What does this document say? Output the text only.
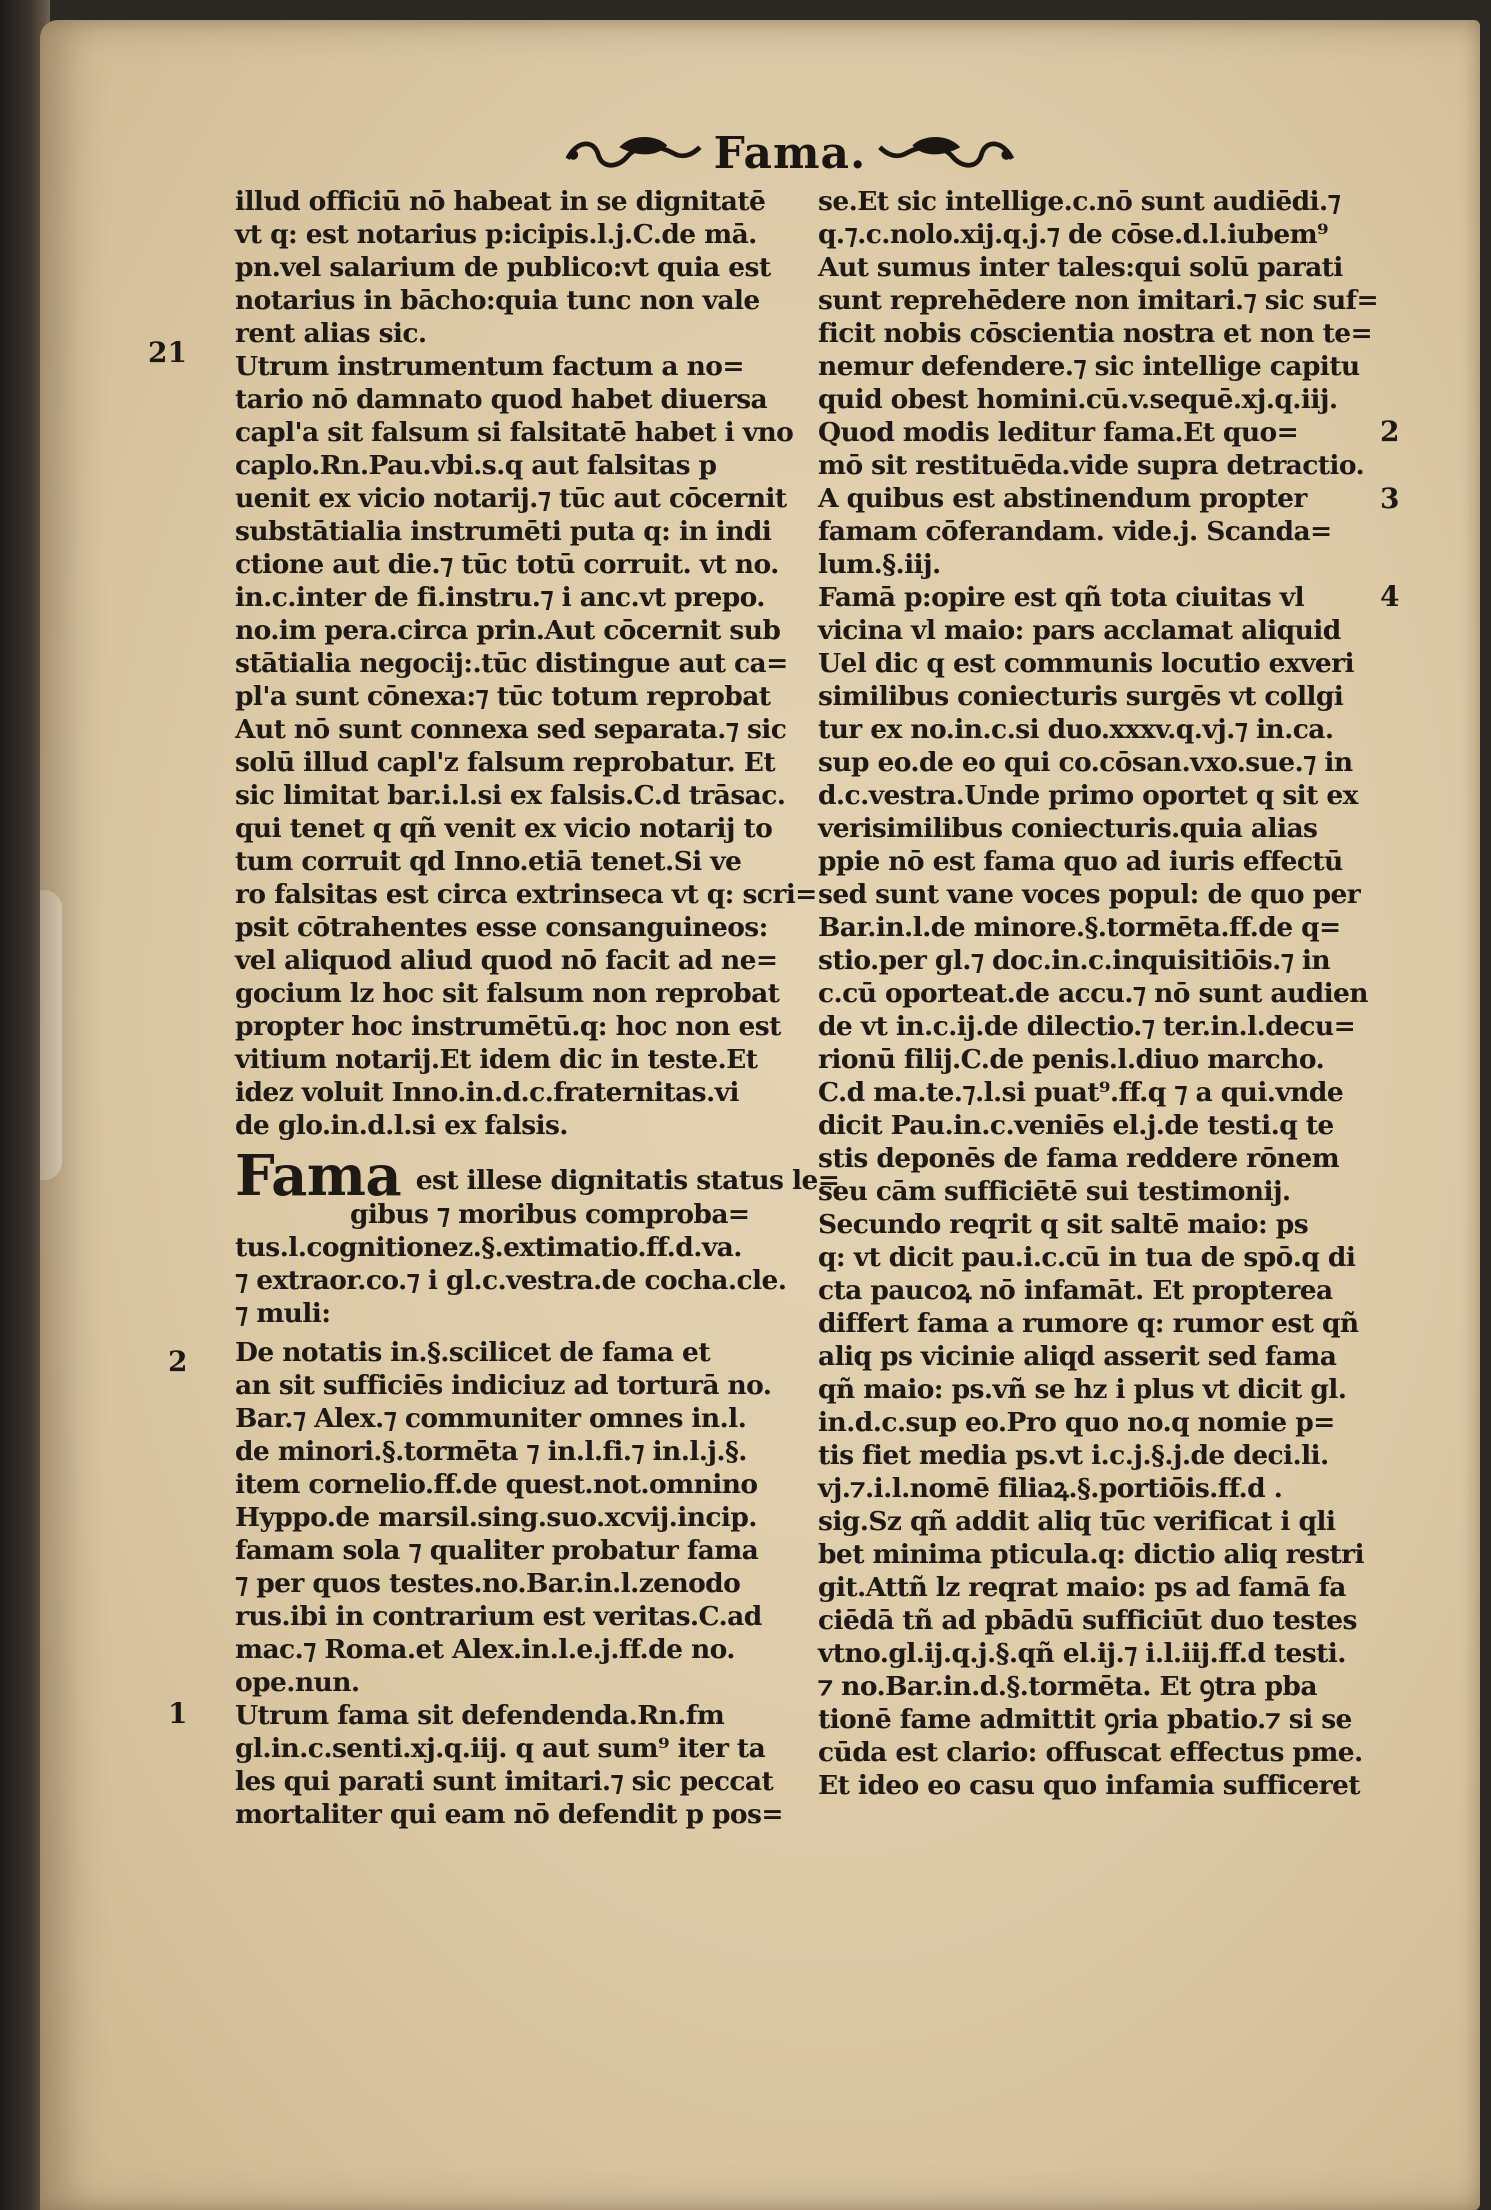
Fama.
21
2
1
2
3
4
illud officiū nō habeat in se dignitatē
vt q: est notarius p:icipis.l.j.C.de mā.
pn.vel salarium de publico:vt quia est
notarius in bācho:quia tunc non vale
rent alias sic.
Utrum instrumentum factum a no=
tario nō damnato quod habet diuersa
capl'a sit falsum si falsitatē habet i vno
caplo.Rn.Pau.vbi.s.q aut falsitas p
uenit ex vicio notarij.⁊ tūc aut cōcernit
substātialia instrumēti puta q: in indi
ctione aut die.⁊ tūc totū corruit. vt no.
in.c.inter de fi.instru.⁊ i anc.vt prepo.
no.im pera.circa prin.Aut cōcernit sub
stātialia negocij:.tūc distingue aut ca=
pl'a sunt cōnexa:⁊ tūc totum reprobat
Aut nō sunt connexa sed separata.⁊ sic
solū illud capl'z falsum reprobatur. Et
sic limitat bar.i.l.si ex falsis.C.d trāsac.
qui tenet q qñ venit ex vicio notarij to
tum corruit qd Inno.etiā tenet.Si ve
ro falsitas est circa extrinseca vt q: scri=
psit cōtrahentes esse consanguineos:
vel aliquod aliud quod nō facit ad ne=
gocium lz hoc sit falsum non reprobat
propter hoc instrumētū.q: hoc non est
vitium notarij.Et idem dic in teste.Et
idez voluit Inno.in.d.c.fraternitas.vi
de glo.in.d.l.si ex falsis.
Fama est illese dignitatis status le=
gibus ⁊ moribus comproba=
tus.l.cognitionez.§.extimatio.ff.d.va.
⁊ extraor.co.⁊ i gl.c.vestra.de cocha.cle.
⁊ muli:
De notatis in.§.scilicet de fama et
an sit sufficiēs indiciuz ad torturā no.
Bar.⁊ Alex.⁊ communiter omnes in.l.
de minori.§.tormēta ⁊ in.l.fi.⁊ in.l.j.§.
item cornelio.ff.de quest.not.omnino
Hyppo.de marsil.sing.suo.xcvij.incip.
famam sola ⁊ qualiter probatur fama
⁊ per quos testes.no.Bar.in.l.zenodo
rus.ibi in contrarium est veritas.C.ad
mac.⁊ Roma.et Alex.in.l.e.j.ff.de no.
ope.nun.
Utrum fama sit defendenda.Rn.fm
gl.in.c.senti.xj.q.iij. q aut sum⁹ iter ta
les qui parati sunt imitari.⁊ sic peccat
mortaliter qui eam nō defendit p pos=
se.Et sic intellige.c.nō sunt audiēdi.⁊
q.⁊.c.nolo.xij.q.j.⁊ de cōse.d.l.iubem⁹
Aut sumus inter tales:qui solū parati
sunt reprehēdere non imitari.⁊ sic suf=
ficit nobis cōscientia nostra et non te=
nemur defendere.⁊ sic intellige capitu
quid obest homini.cū.v.sequē.xj.q.iij.
Quod modis leditur fama.Et quo=
mō sit restituēda.vide supra detractio.
A quibus est abstinendum propter
famam cōferandam. vide.j. Scanda=
lum.§.iij.
Famā p:opire est qñ tota ciuitas vl
vicina vl maio: pars acclamat aliquid
Uel dic q est communis locutio exveri
similibus coniecturis surgēs vt collgi
tur ex no.in.c.si duo.xxxv.q.vj.⁊ in.ca.
sup eo.de eo qui co.cōsan.vxo.sue.⁊ in
d.c.vestra.Unde primo oportet q sit ex
verisimilibus coniecturis.quia alias
ppie nō est fama quo ad iuris effectū
sed sunt vane voces popul: de quo per
Bar.in.l.de minore.§.tormēta.ff.de q=
stio.per gl.⁊ doc.in.c.inquisitiōis.⁊ in
c.cū oporteat.de accu.⁊ nō sunt audien
de vt in.c.ij.de dilectio.⁊ ter.in.l.decu=
rionū filij.C.de penis.l.diuo marcho.
C.d ma.te.⁊.l.si puat⁹.ff.q ⁊ a qui.vnde
dicit Pau.in.c.veniēs el.j.de testi.q te
stis deponēs de fama reddere rōnem
seu cām sufficiētē sui testimonij.
Secundo reqrit q sit saltē maio: ps
q: vt dicit pau.i.c.cū in tua de spō.q di
cta paucoꝝ nō infamāt. Et propterea
differt fama a rumore q: rumor est qñ
aliq ps vicinie aliqd asserit sed fama
qñ maio: ps.vñ se hz i plus vt dicit gl.
in.d.c.sup eo.Pro quo no.q nomie p=
tis fiet media ps.vt i.c.j.§.j.de deci.li.
vj.⁊.i.l.nomē filiaꝝ.§.portiōis.ff.d .
sig.Sz qñ addit aliq tūc verificat i qli
bet minima pticula.q: dictio aliq restri
git.Attñ lz reqrat maio: ps ad famā fa
ciēdā tñ ad pbādū sufficiūt duo testes
vtno.gl.ij.q.j.§.qñ el.ij.⁊ i.l.iij.ff.d testi.
⁊ no.Bar.in.d.§.tormēta. Et ꝯtra pba
tionē fame admittit ꝯria pbatio.⁊ si se
cūda est clario: offuscat effectus pme.
Et ideo eo casu quo infamia sufficeret
